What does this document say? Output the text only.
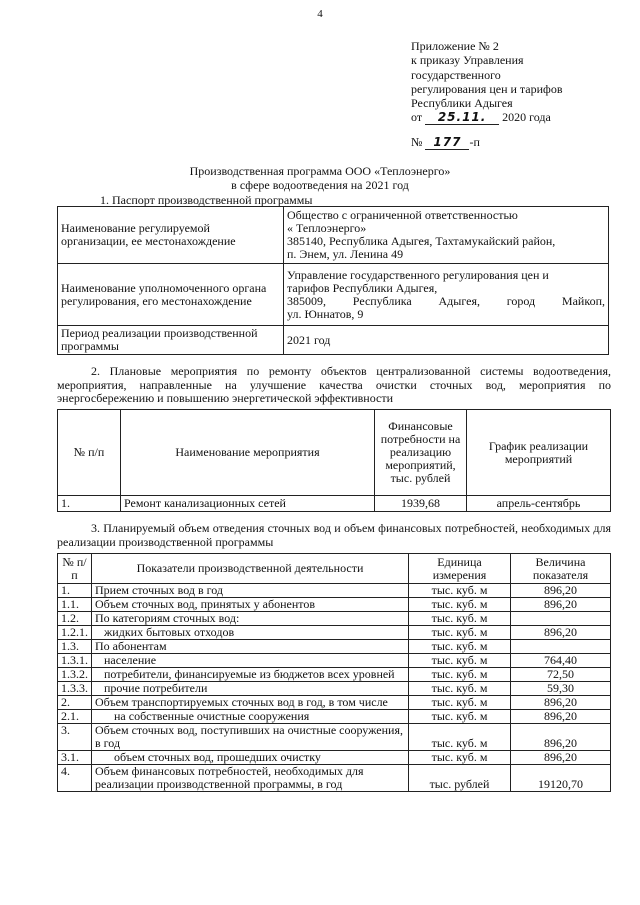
4
Приложение № 2
к приказу Управления
государственного
регулирования цен и тарифов
Республики Адыгея
от 25.11. 2020 года
№ 177 -п
Производственная программа ООО «Теплоэнерго»
в сфере водоотведения на 2021 год
1. Паспорт производственной программы
Наименование регулируемой организации, ее местонахождение	Общество с ограниченной ответственностью
« Теплоэнерго»
385140, Республика Адыгея, Тахтамукайский район,
п. Энем, ул. Ленина 49

Наименование уполномоченного органа регулирования, его местонахождение	Управление государственного регулирования цен и
тарифов Республики Адыгея,
385009, Республика Адыгея, город Майкоп,
ул. Юннатов, 9

Период реализации производственной программы	2021 год
2. Плановые мероприятия по ремонту объектов централизованной системы водоотведения, мероприятия, направленные на улучшение качества очистки сточных вод, мероприятия по энергосбережению и повышению энергетической эффективности
№ п/п	Наименование мероприятия	Финансовые потребности на реализацию мероприятий, тыс. рублей	График реализации мероприятий
1.	Ремонт канализационных сетей	1939,68	апрель-сентябрь
3. Планируемый объем отведения сточных вод и объем финансовых потребностей, необходимых для реализации производственной программы
№ п/п	Показатели производственной деятельности	Единица измерения	Величина показателя
1.	Прием сточных вод в год	тыс. куб. м	896,20
1.1.	Объем сточных вод, принятых у абонентов	тыс. куб. м	896,20
1.2.	По категориям сточных вод:	тыс. куб. м	
1.2.1.	жидких бытовых отходов	тыс. куб. м	896,20
1.3.	По абонентам	тыс. куб. м	
1.3.1.	население	тыс. куб. м	764,40
1.3.2.	потребители, финансируемые из бюджетов всех уровней	тыс. куб. м	72,50
1.3.3.	прочие потребители	тыс. куб. м	59,30
2.	Объем транспортируемых сточных вод в год, в том числе	тыс. куб. м	896,20
2.1.	на собственные очистные сооружения	тыс. куб. м	896,20
3.	Объем сточных вод, поступивших на очистные сооружения, в год	тыс. куб. м	896,20
3.1.	объем сточных вод, прошедших очистку	тыс. куб. м	896,20
4.	Объем финансовых потребностей, необходимых для реализации производственной программы, в год	тыс. рублей	19120,70
